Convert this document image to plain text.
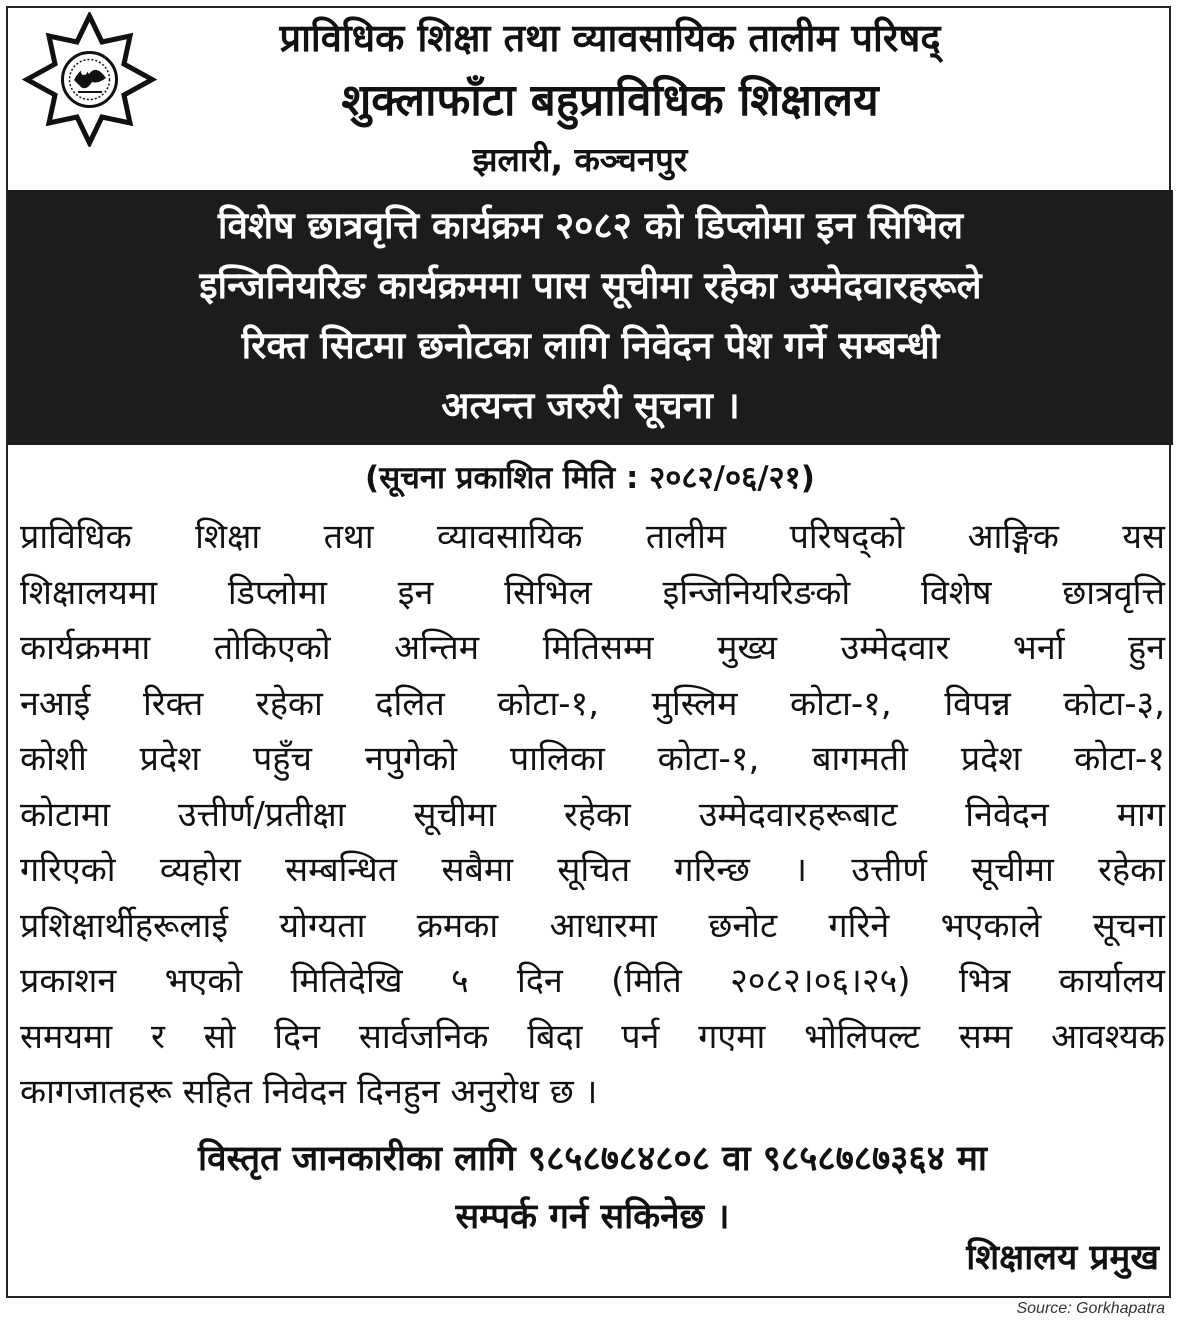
प्राविधिक शिक्षा तथा व्यावसायिक तालीम परिषद्
शुक्लाफाँटा बहुप्राविधिक शिक्षालय
झलारी, कञ्चनपुर
विशेष छात्रवृत्ति कार्यक्रम २०८२ को डिप्लोमा इन सिभिल
इन्जिनियरिङ कार्यक्रममा पास सूचीमा रहेका उम्मेदवारहरूले
रिक्त सिटमा छनोटका लागि निवेदन पेश गर्ने सम्बन्धी
अत्यन्त जरुरी सूचना ।
(सूचना प्रकाशित मिति : २०८२/०६/२१)
प्राविधिक शिक्षा तथा व्यावसायिक तालीम परिषद्को आङ्गिक यस
शिक्षालयमा डिप्लोमा इन सिभिल इन्जिनियरिङको विशेष छात्रवृत्ति
कार्यक्रममा तोकिएको अन्तिम मितिसम्म मुख्य उम्मेदवार भर्ना हुन
नआई रिक्त रहेका दलित कोटा-१, मुस्लिम कोटा-१, विपन्न कोटा-३,
कोशी प्रदेश पहुँच नपुगेको पालिका कोटा-१, बागमती प्रदेश कोटा-१
कोटामा उत्तीर्ण/प्रतीक्षा सूचीमा रहेका उम्मेदवारहरूबाट निवेदन माग
गरिएको व्यहोरा सम्बन्धित सबैमा सूचित गरिन्छ । उत्तीर्ण सूचीमा रहेका
प्रशिक्षार्थीहरूलाई योग्यता क्रमका आधारमा छनोट गरिने भएकाले सूचना
प्रकाशन भएको मितिदेखि ५ दिन (मिति २०८२।०६।२५) भित्र कार्यालय
समयमा र सो दिन सार्वजनिक बिदा पर्न गएमा भोलिपल्ट सम्म आवश्यक
कागजातहरू सहित निवेदन दिनहुन अनुरोध छ ।
विस्तृत जानकारीका लागि ९८५८७८४८०८ वा ९८५८७८७३६४ मा
सम्पर्क गर्न सकिनेछ ।
शिक्षालय प्रमुख
Source: Gorkhapatra
